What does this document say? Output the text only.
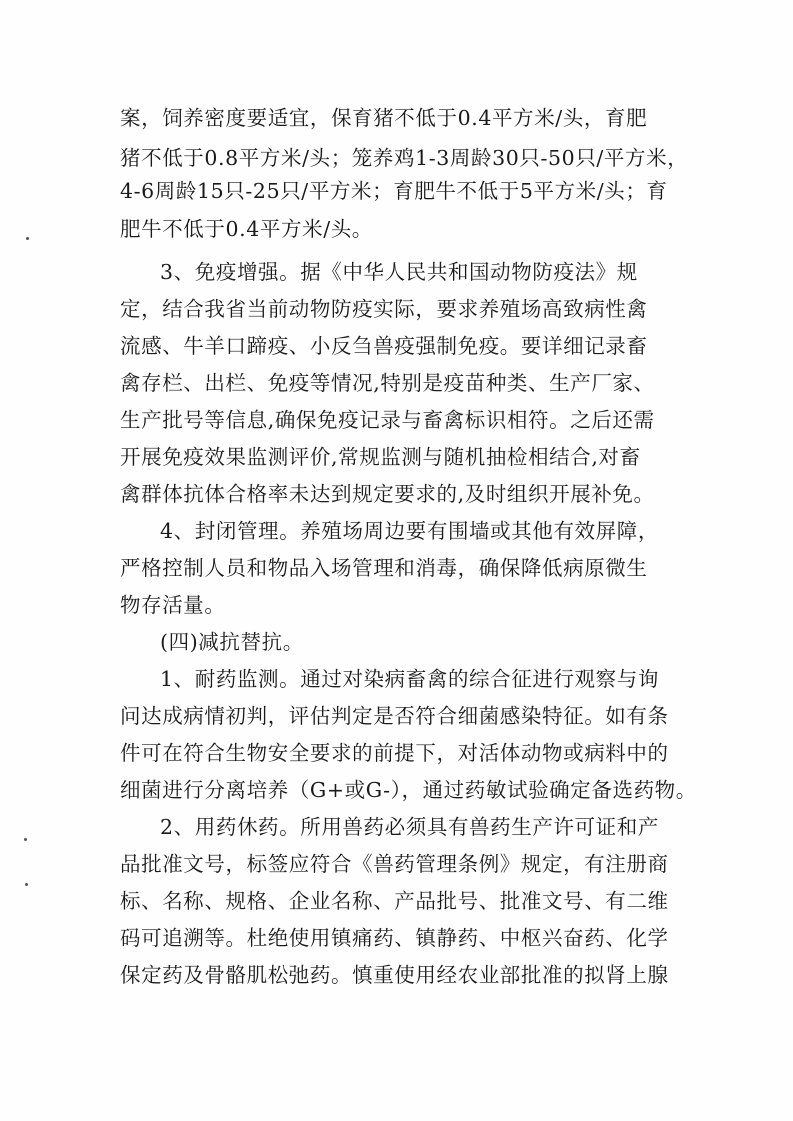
案，饲养密度要适宜，保育猪不低于0.4平方米/头，育肥
猪不低于0.8平方米/头；笼养鸡1-3周龄30只-50只/平方米，
4-6周龄15只-25只/平方米；育肥牛不低于5平方米/头；育
肥牛不低于0.4平方米/头。
3、免疫增强。据《中华人民共和国动物防疫法》规
定，结合我省当前动物防疫实际，要求养殖场高致病性禽
流感、牛羊口蹄疫、小反刍兽疫强制免疫。要详细记录畜
禽存栏、出栏、免疫等情况,特别是疫苗种类、生产厂家、
生产批号等信息,确保免疫记录与畜禽标识相符。之后还需
开展免疫效果监测评价,常规监测与随机抽检相结合,对畜
禽群体抗体合格率未达到规定要求的,及时组织开展补免。
4、封闭管理。养殖场周边要有围墙或其他有效屏障，
严格控制人员和物品入场管理和消毒，确保降低病原微生
物存活量。
(四)减抗替抗。
1、耐药监测。通过对染病畜禽的综合征进行观察与询
问达成病情初判，评估判定是否符合细菌感染特征。如有条
件可在符合生物安全要求的前提下，对活体动物或病料中的
细菌进行分离培养（G+或G-），通过药敏试验确定备选药物。
2、用药休药。所用兽药必须具有兽药生产许可证和产
品批准文号，标签应符合《兽药管理条例》规定，有注册商
标、名称、规格、企业名称、产品批号、批准文号、有二维
码可追溯等。杜绝使用镇痛药、镇静药、中枢兴奋药、化学
保定药及骨骼肌松弛药。慎重使用经农业部批准的拟肾上腺
